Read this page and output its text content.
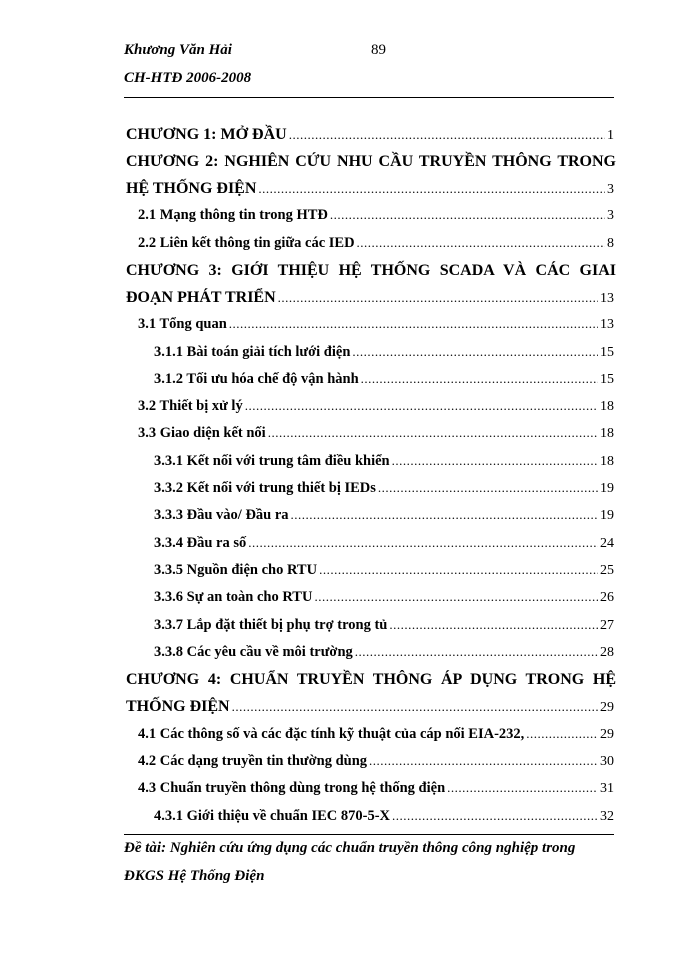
Khương Văn Hải	89
CH-HTĐ 2006-2008
CHƯƠNG 1: MỞ ĐẦU .....	1
CHƯƠNG 2: NGHIÊN CỨU NHU CẦU TRUYỀN THÔNG TRONG
HỆ THỐNG ĐIỆN .....	3
2.1 Mạng thông tin trong HTĐ .....	3
2.2 Liên kết thông tin giữa các IED .....	8
CHƯƠNG 3: GIỚI THIỆU HỆ THỐNG SCADA VÀ CÁC GIAI
ĐOẠN PHÁT TRIỂN .....	13
3.1 Tổng quan .....	13
3.1.1 Bài toán giải tích lưới điện .....	15
3.1.2 Tối ưu hóa chế độ vận hành .....	15
3.2 Thiết bị xử lý .....	18
3.3 Giao diện kết nối .....	18
3.3.1 Kết nối với trung tâm điều khiển .....	18
3.3.2 Kết nối với trung thiết bị IEDs .....	19
3.3.3 Đầu vào/ Đầu ra .....	19
3.3.4 Đầu ra số .....	24
3.3.5 Nguồn điện cho RTU .....	25
3.3.6 Sự an toàn cho RTU .....	26
3.3.7 Lắp đặt thiết bị phụ trợ trong tủ .....	27
3.3.8 Các yêu cầu về môi trường .....	28
CHƯƠNG 4: CHUẨN TRUYỀN THÔNG ÁP DỤNG TRONG HỆ
THỐNG ĐIỆN .....	29
4.1 Các thông số và các đặc tính kỹ thuật của cáp nối EIA-232, .....	29
4.2 Các dạng truyền tin thường dùng .....	30
4.3 Chuẩn truyền thông dùng trong hệ thống điện .....	31
4.3.1 Giới thiệu về chuẩn IEC 870-5-X .....	32
Đề tài: Nghiên cứu ứng dụng các chuẩn truyền thông công nghiệp trong
ĐKGS Hệ Thống Điện
